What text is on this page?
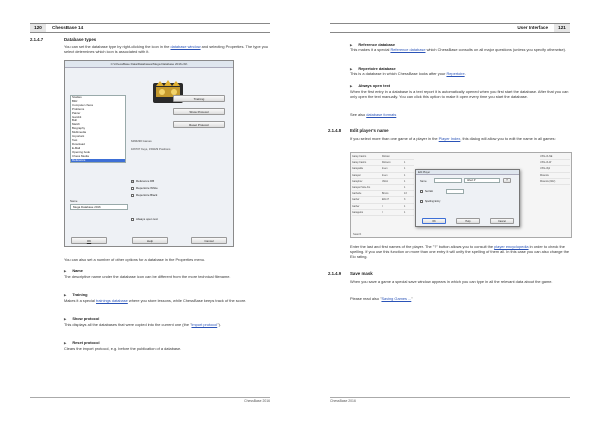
120	ChessBase 14
2.1.4.7	Database types
You can set the database type by right-clicking the icon in the database window and selecting Properties. The type you select determines which icon is associated with it.
C:\ChessBase Data\Databases\Mega Database 2016.cbh
Studies
Blitz
Computer chess
Problems
Patzer
Gambit
Bull
Match
Biography
Multimedia
Important
Test
Download
E-Mail
Opening book
Chess Media
Reference
Training
Show Protocol
Reset Protocol
6466290 Games
106707 Keys, 150229 Positions
✓ Reference DB
Repertoire White
Repertoire Black
Name
Mega Database 2016
Always open text
OK	Help	Cancel
You can also set a number of other options for a database in the Properties menu.
▶ Name
The descriptive name under the database icon can be different from the more technical filename.
▶ Training
Makes it a special trainings database where you store lessons, while ChessBase keeps track of the score.
▶ Show protocol
This displays all the databases that were copied into the current one (the "import protocol").
▶ Reset protocol
Clears the import protocol, e.g. before the publication of a database.
ChessBase 2016
User Interface	121
▶ Reference database
This makes it a special Reference database which ChessBase consults on all major questions (unless you specify otherwise).
▶ Repertoire database
This is a database in which ChessBase looks after your Repertoire.
▶ Always open text
When the first entry in a database is a text report it is automatically opened when you first start the database. After that you can only open the text manually. You can click this option to make it open every time you start the database.
See also database formats
2.1.4.8 Edit player's name
If you select more than one game of a player in the Player Index, this dialog will allow you to edit the name in all games:
Garay Castro	Roman
Garay Castro	Romero	1
Garayalde	Ireen	1
Garayar	Ireen	1
Garaybov	Viktor	1
Garayar Sole Ars	1
Garbode	Bruno	13
Garbor	Efim P	3
Garber	I	1
Garagelos	I	1
USS-ch-NE
USS-ch-W
USS-chpl
Moscow
Moscow (blitz)
Search
Edit Player
Name	Albert P	?
Set Elo
Spelling Entry
OK	Help	Cancel
Enter the last and first names of the player. The "?" button allows you to consult the player encyclopedia in order to check the spelling. If you use this function on more than one entry it will unify the spelling of them all. In this case you can also change the Elo rating.
2.1.4.9 Save mask
When you save a game a special save window appears in which you can type in all the relevant data about the game.
Please read also "Saving Games ..."
ChessBase 2016
